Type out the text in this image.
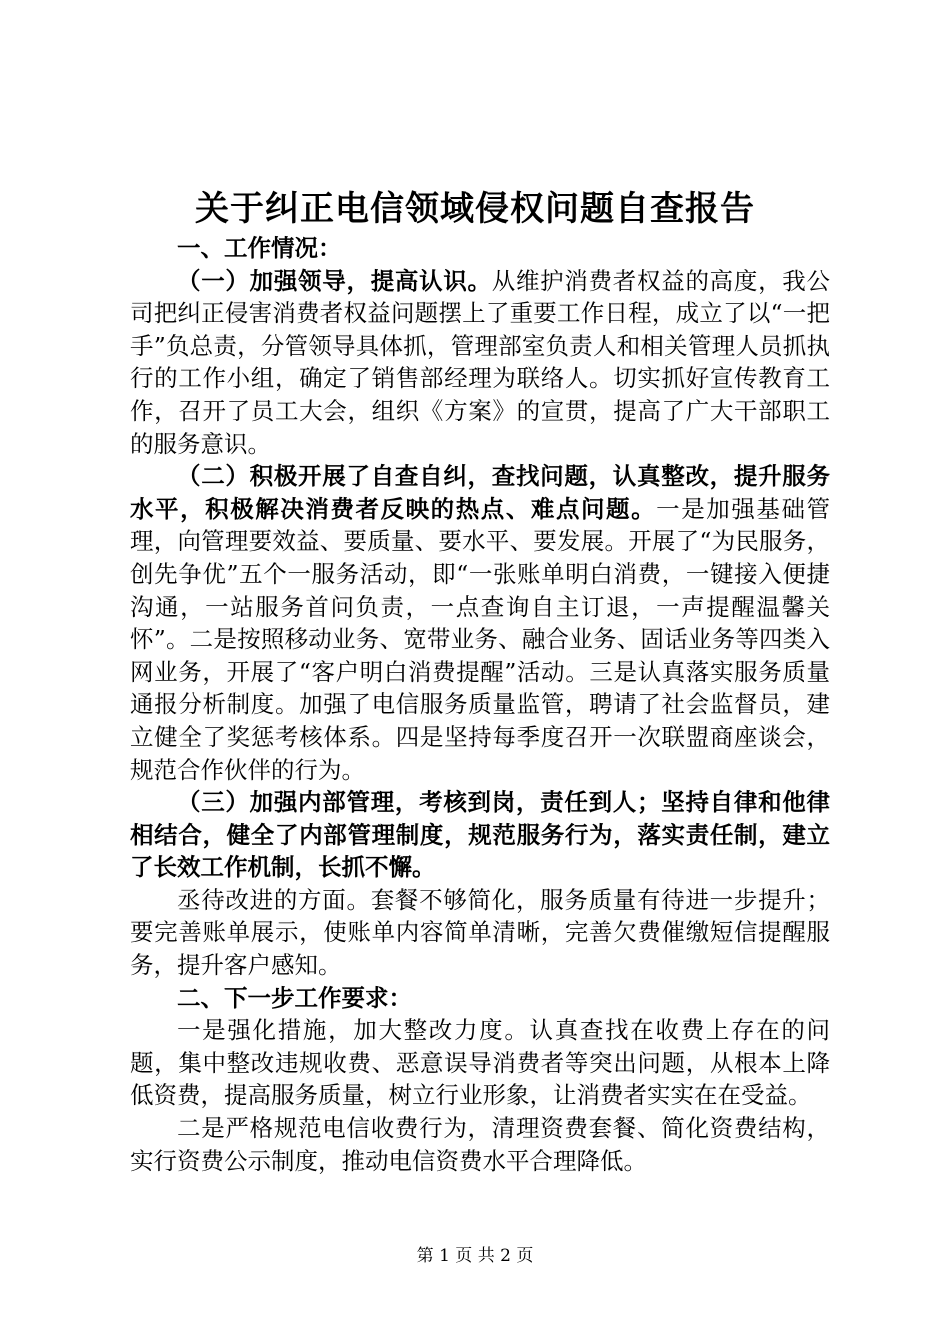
关于纠正电信领域侵权问题自查报告

一、工作情况：

（一）加强领导，提高认识。从维护消费者权益的高度，我公司把纠正侵害消费者权益问题摆上了重要工作日程，成立了以“一把手”负总责，分管领导具体抓，管理部室负责人和相关管理人员抓执行的工作小组，确定了销售部经理为联络人。切实抓好宣传教育工作，召开了员工大会，组织《方案》的宣贯，提高了广大干部职工的服务意识。

（二）积极开展了自查自纠，查找问题，认真整改，提升服务水平，积极解决消费者反映的热点、难点问题。一是加强基础管理，向管理要效益、要质量、要水平、要发展。开展了“为民服务，创先争优”五个一服务活动，即“一张账单明白消费，一键接入便捷沟通，一站服务首问负责，一点查询自主订退，一声提醒温馨关怀”。二是按照移动业务、宽带业务、融合业务、固话业务等四类入网业务，开展了“客户明白消费提醒”活动。三是认真落实服务质量通报分析制度。加强了电信服务质量监管，聘请了社会监督员，建立健全了奖惩考核体系。四是坚持每季度召开一次联盟商座谈会，规范合作伙伴的行为。

（三）加强内部管理，考核到岗，责任到人；坚持自律和他律相结合，健全了内部管理制度，规范服务行为，落实责任制，建立了长效工作机制，长抓不懈。

丞待改进的方面。套餐不够简化，服务质量有待进一步提升；要完善账单展示，使账单内容简单清晰，完善欠费催缴短信提醒服务，提升客户感知。

二、下一步工作要求：

一是强化措施，加大整改力度。认真查找在收费上存在的问题，集中整改违规收费、恶意误导消费者等突出问题，从根本上降低资费，提高服务质量，树立行业形象，让消费者实实在在受益。

二是严格规范电信收费行为，清理资费套餐、简化资费结构，实行资费公示制度，推动电信资费水平合理降低。

第 1 页 共 2 页
